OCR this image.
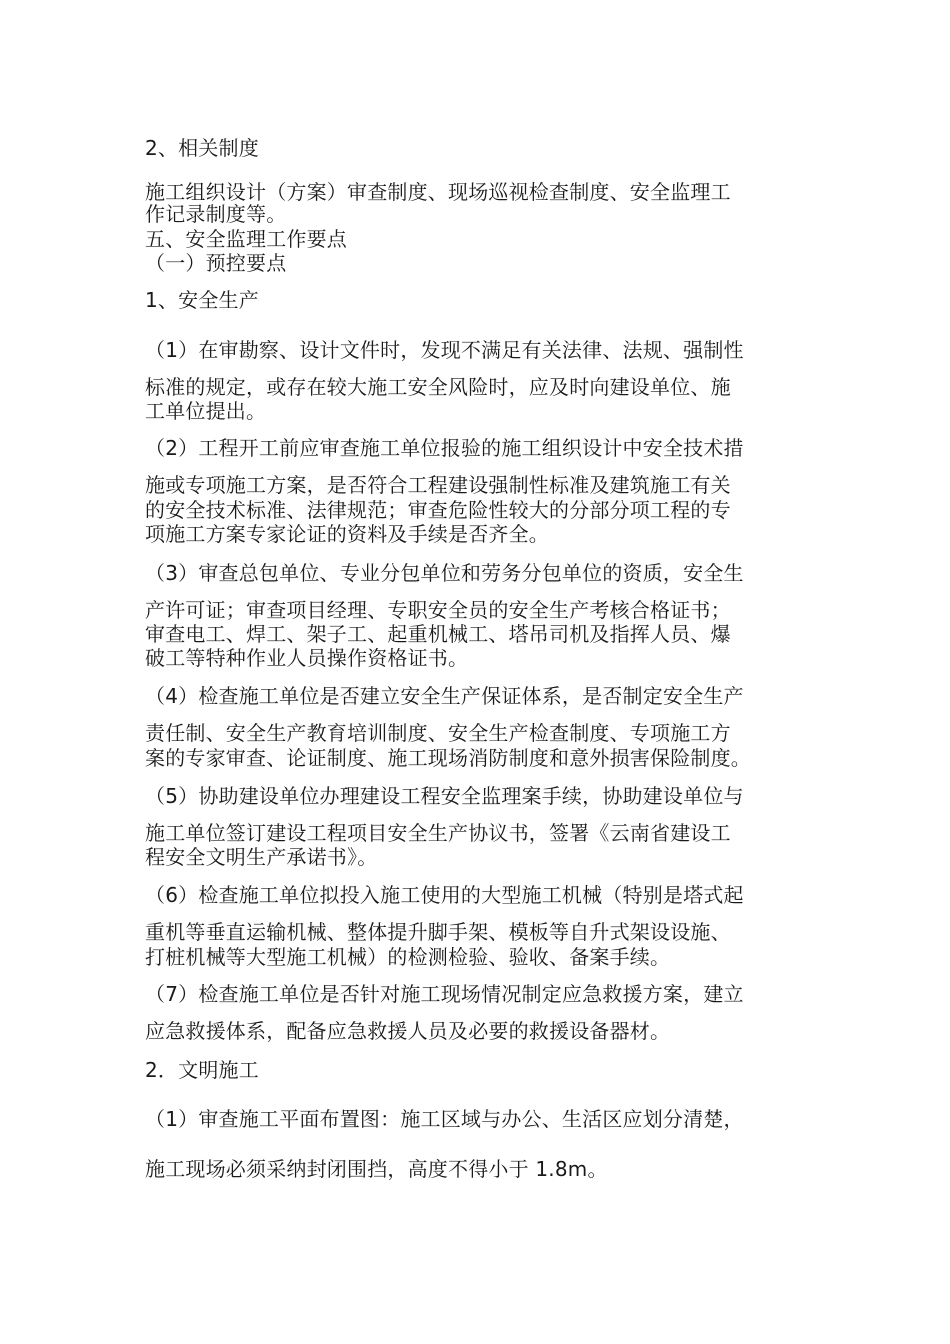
2、相关制度
施工组织设计（方案）审查制度、现场巡视检查制度、安全监理工
作记录制度等。
五、安全监理工作要点
（一）预控要点
1、安全生产
（1）在审勘察、设计文件时，发现不满足有关法律、法规、强制性
标准的规定，或存在较大施工安全风险时，应及时向建设单位、施
工单位提出。
（2）工程开工前应审查施工单位报验的施工组织设计中安全技术措
施或专项施工方案，是否符合工程建设强制性标准及建筑施工有关
的安全技术标准、法律规范；审查危险性较大的分部分项工程的专
项施工方案专家论证的资料及手续是否齐全。
（3）审查总包单位、专业分包单位和劳务分包单位的资质，安全生
产许可证；审查项目经理、专职安全员的安全生产考核合格证书；
审查电工、焊工、架子工、起重机械工、塔吊司机及指挥人员、爆
破工等特种作业人员操作资格证书。
（4）检查施工单位是否建立安全生产保证体系，是否制定安全生产
责任制、安全生产教育培训制度、安全生产检查制度、专项施工方
案的专家审查、论证制度、施工现场消防制度和意外损害保险制度。
（5）协助建设单位办理建设工程安全监理案手续，协助建设单位与
施工单位签订建设工程项目安全生产协议书，签署《云南省建设工
程安全文明生产承诺书》。
（6）检查施工单位拟投入施工使用的大型施工机械（特别是塔式起
重机等垂直运输机械、整体提升脚手架、模板等自升式架设设施、
打桩机械等大型施工机械）的检测检验、验收、备案手续。
（7）检查施工单位是否针对施工现场情况制定应急救援方案，建立
应急救援体系，配备应急救援人员及必要的救援设备器材。
2．文明施工
（1）审查施工平面布置图：施工区域与办公、生活区应划分清楚，
施工现场必须采纳封闭围挡，高度不得小于 1.8m。
